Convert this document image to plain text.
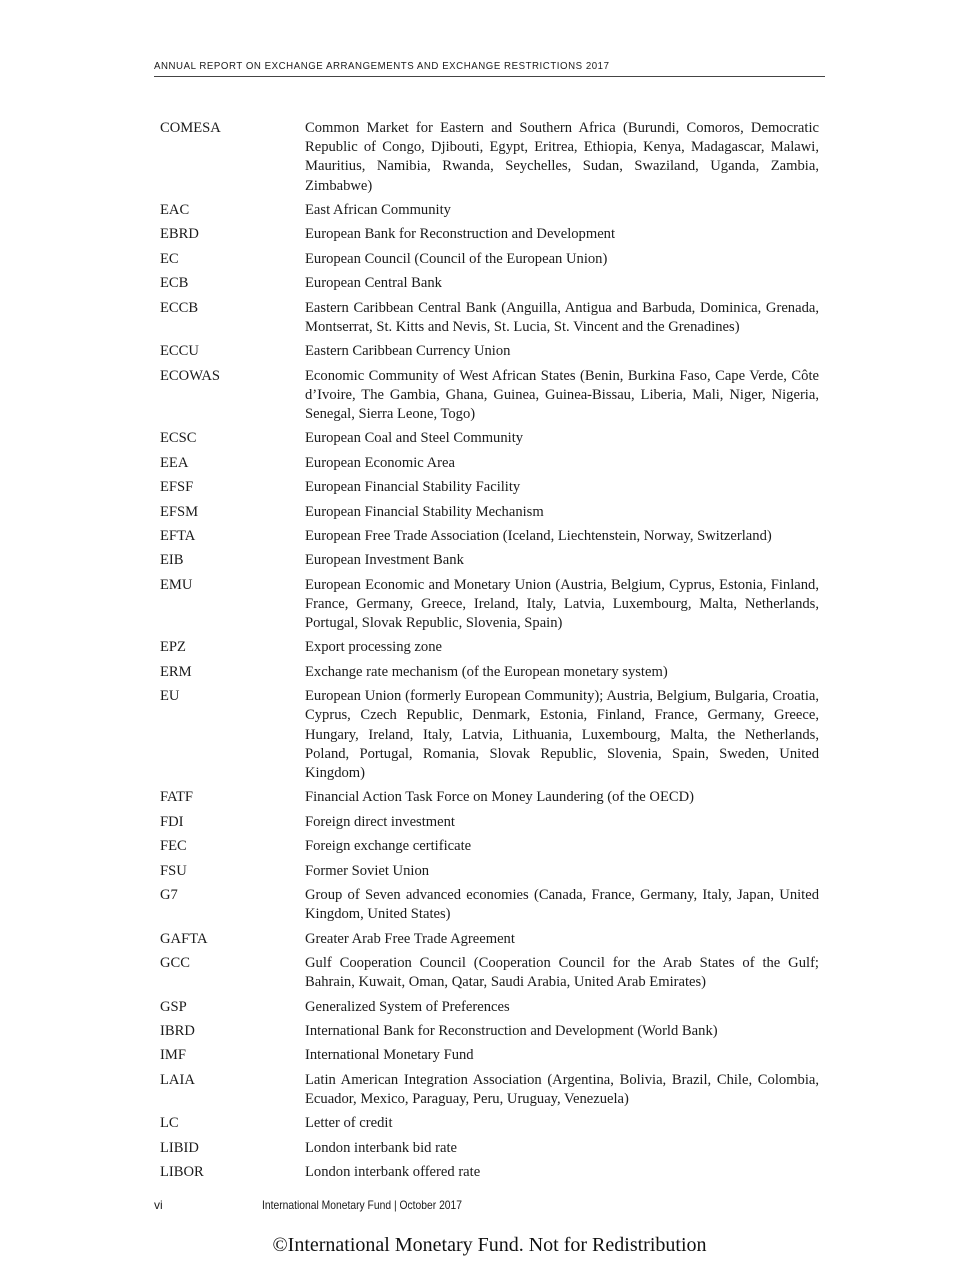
ANNUAL REPORT ON EXCHANGE ARRANGEMENTS AND EXCHANGE RESTRICTIONS 2017
COMESA	Common Market for Eastern and Southern Africa (Burundi, Comoros, Democratic Republic of Congo, Djibouti, Egypt, Eritrea, Ethiopia, Kenya, Madagascar, Malawi, Mauritius, Namibia, Rwanda, Seychelles, Sudan, Swaziland, Uganda, Zambia, Zimbabwe)
EAC	East African Community
EBRD	European Bank for Reconstruction and Development
EC	European Council (Council of the European Union)
ECB	European Central Bank
ECCB	Eastern Caribbean Central Bank (Anguilla, Antigua and Barbuda, Dominica, Grenada, Montserrat, St. Kitts and Nevis, St. Lucia, St. Vincent and the Grenadines)
ECCU	Eastern Caribbean Currency Union
ECOWAS	Economic Community of West African States (Benin, Burkina Faso, Cape Verde, Côte d’Ivoire, The Gambia, Ghana, Guinea, Guinea-Bissau, Liberia, Mali, Niger, Nigeria, Senegal, Sierra Leone, Togo)
ECSC	European Coal and Steel Community
EEA	European Economic Area
EFSF	European Financial Stability Facility
EFSM	European Financial Stability Mechanism
EFTA	European Free Trade Association (Iceland, Liechtenstein, Norway, Switzerland)
EIB	European Investment Bank
EMU	European Economic and Monetary Union (Austria, Belgium, Cyprus, Estonia, Finland, France, Germany, Greece, Ireland, Italy, Latvia, Luxembourg, Malta, Netherlands, Portugal, Slovak Republic, Slovenia, Spain)
EPZ	Export processing zone
ERM	Exchange rate mechanism (of the European monetary system)
EU	European Union (formerly European Community); Austria, Belgium, Bulgaria, Croatia, Cyprus, Czech Republic, Denmark, Estonia, Finland, France, Germany, Greece, Hungary, Ireland, Italy, Latvia, Lithuania, Luxembourg, Malta, the Netherlands, Poland, Portugal, Romania, Slovak Republic, Slovenia, Spain, Sweden, United Kingdom)
FATF	Financial Action Task Force on Money Laundering (of the OECD)
FDI	Foreign direct investment
FEC	Foreign exchange certificate
FSU	Former Soviet Union
G7	Group of Seven advanced economies (Canada, France, Germany, Italy, Japan, United Kingdom, United States)
GAFTA	Greater Arab Free Trade Agreement
GCC	Gulf Cooperation Council (Cooperation Council for the Arab States of the Gulf; Bahrain, Kuwait, Oman, Qatar, Saudi Arabia, United Arab Emirates)
GSP	Generalized System of Preferences
IBRD	International Bank for Reconstruction and Development (World Bank)
IMF	International Monetary Fund
LAIA	Latin American Integration Association (Argentina, Bolivia, Brazil, Chile, Colombia, Ecuador, Mexico, Paraguay, Peru, Uruguay, Venezuela)
LC	Letter of credit
LIBID	London interbank bid rate
LIBOR	London interbank offered rate
vi	International Monetary Fund | October 2017
©International Monetary Fund. Not for Redistribution
